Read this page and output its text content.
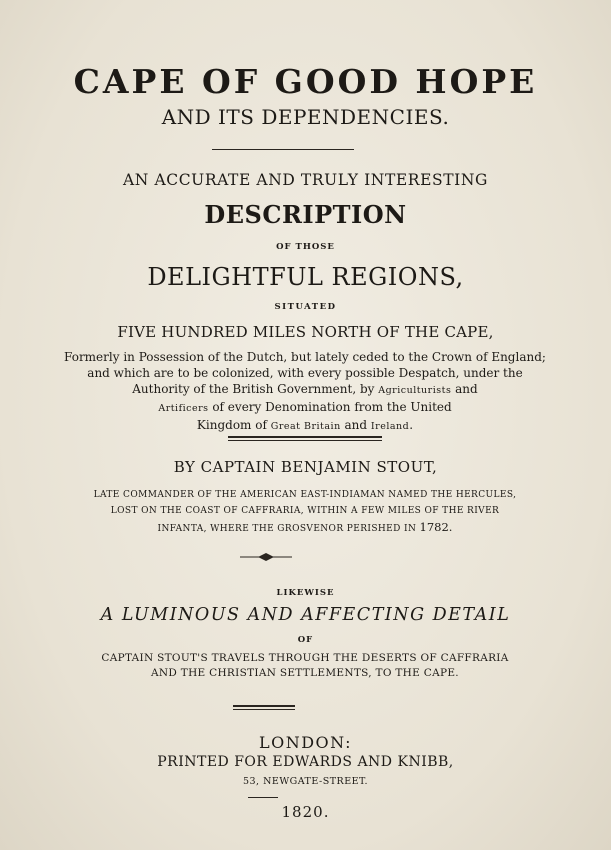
CAPE OF GOOD HOPE
AND ITS DEPENDENCIES.
AN ACCURATE AND TRULY INTERESTING
DESCRIPTION
OF THOSE
DELIGHTFUL REGIONS,
SITUATED
FIVE HUNDRED MILES NORTH OF THE CAPE,
Formerly in Possession of the Dutch, but lately ceded to the Crown of England;
and which are to be colonized, with every possible Despatch, under the
Authority of the British Government, by Agriculturists and
Artificers of every Denomination from the United
Kingdom of Great Britain and Ireland.
BY CAPTAIN BENJAMIN STOUT,
LATE COMMANDER OF THE AMERICAN EAST-INDIAMAN NAMED THE HERCULES,
LOST ON THE COAST OF CAFFRARIA, WITHIN A FEW MILES OF THE RIVER
INFANTA, WHERE THE GROSVENOR PERISHED IN 1782.
LIKEWISE
A LUMINOUS AND AFFECTING DETAIL
OF
CAPTAIN STOUT'S TRAVELS THROUGH THE DESERTS OF CAFFRARIA
AND THE CHRISTIAN SETTLEMENTS, TO THE CAPE.
LONDON:
PRINTED FOR EDWARDS AND KNIBB,
53, NEWGATE-STREET.
1820.
